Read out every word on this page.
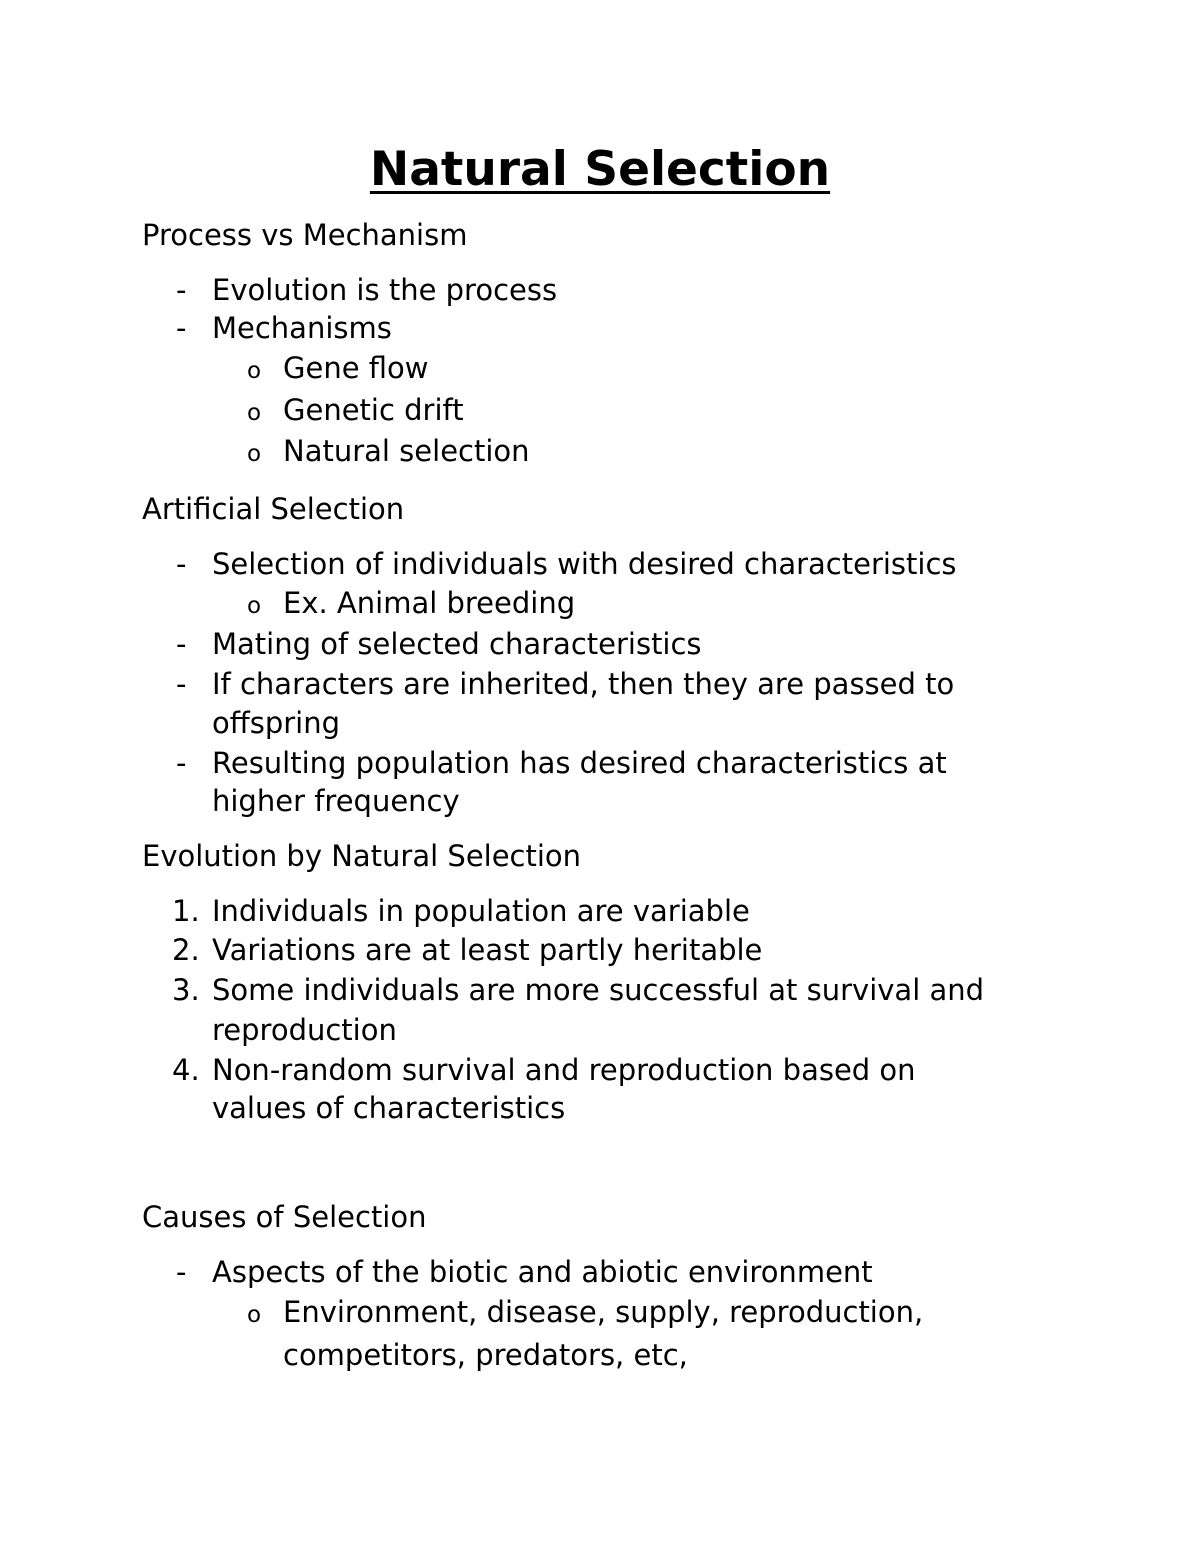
Natural Selection
Process vs Mechanism
- Evolution is the process
- Mechanisms
o Gene flow
o Genetic drift
o Natural selection
Artificial Selection
- Selection of individuals with desired characteristics
o Ex. Animal breeding
- Mating of selected characteristics
- If characters are inherited, then they are passed to
offspring
- Resulting population has desired characteristics at
higher frequency
Evolution by Natural Selection
1. Individuals in population are variable
2. Variations are at least partly heritable
3. Some individuals are more successful at survival and
reproduction
4. Non-random survival and reproduction based on
values of characteristics
Causes of Selection
- Aspects of the biotic and abiotic environment
o Environment, disease, supply, reproduction,
competitors, predators, etc,
